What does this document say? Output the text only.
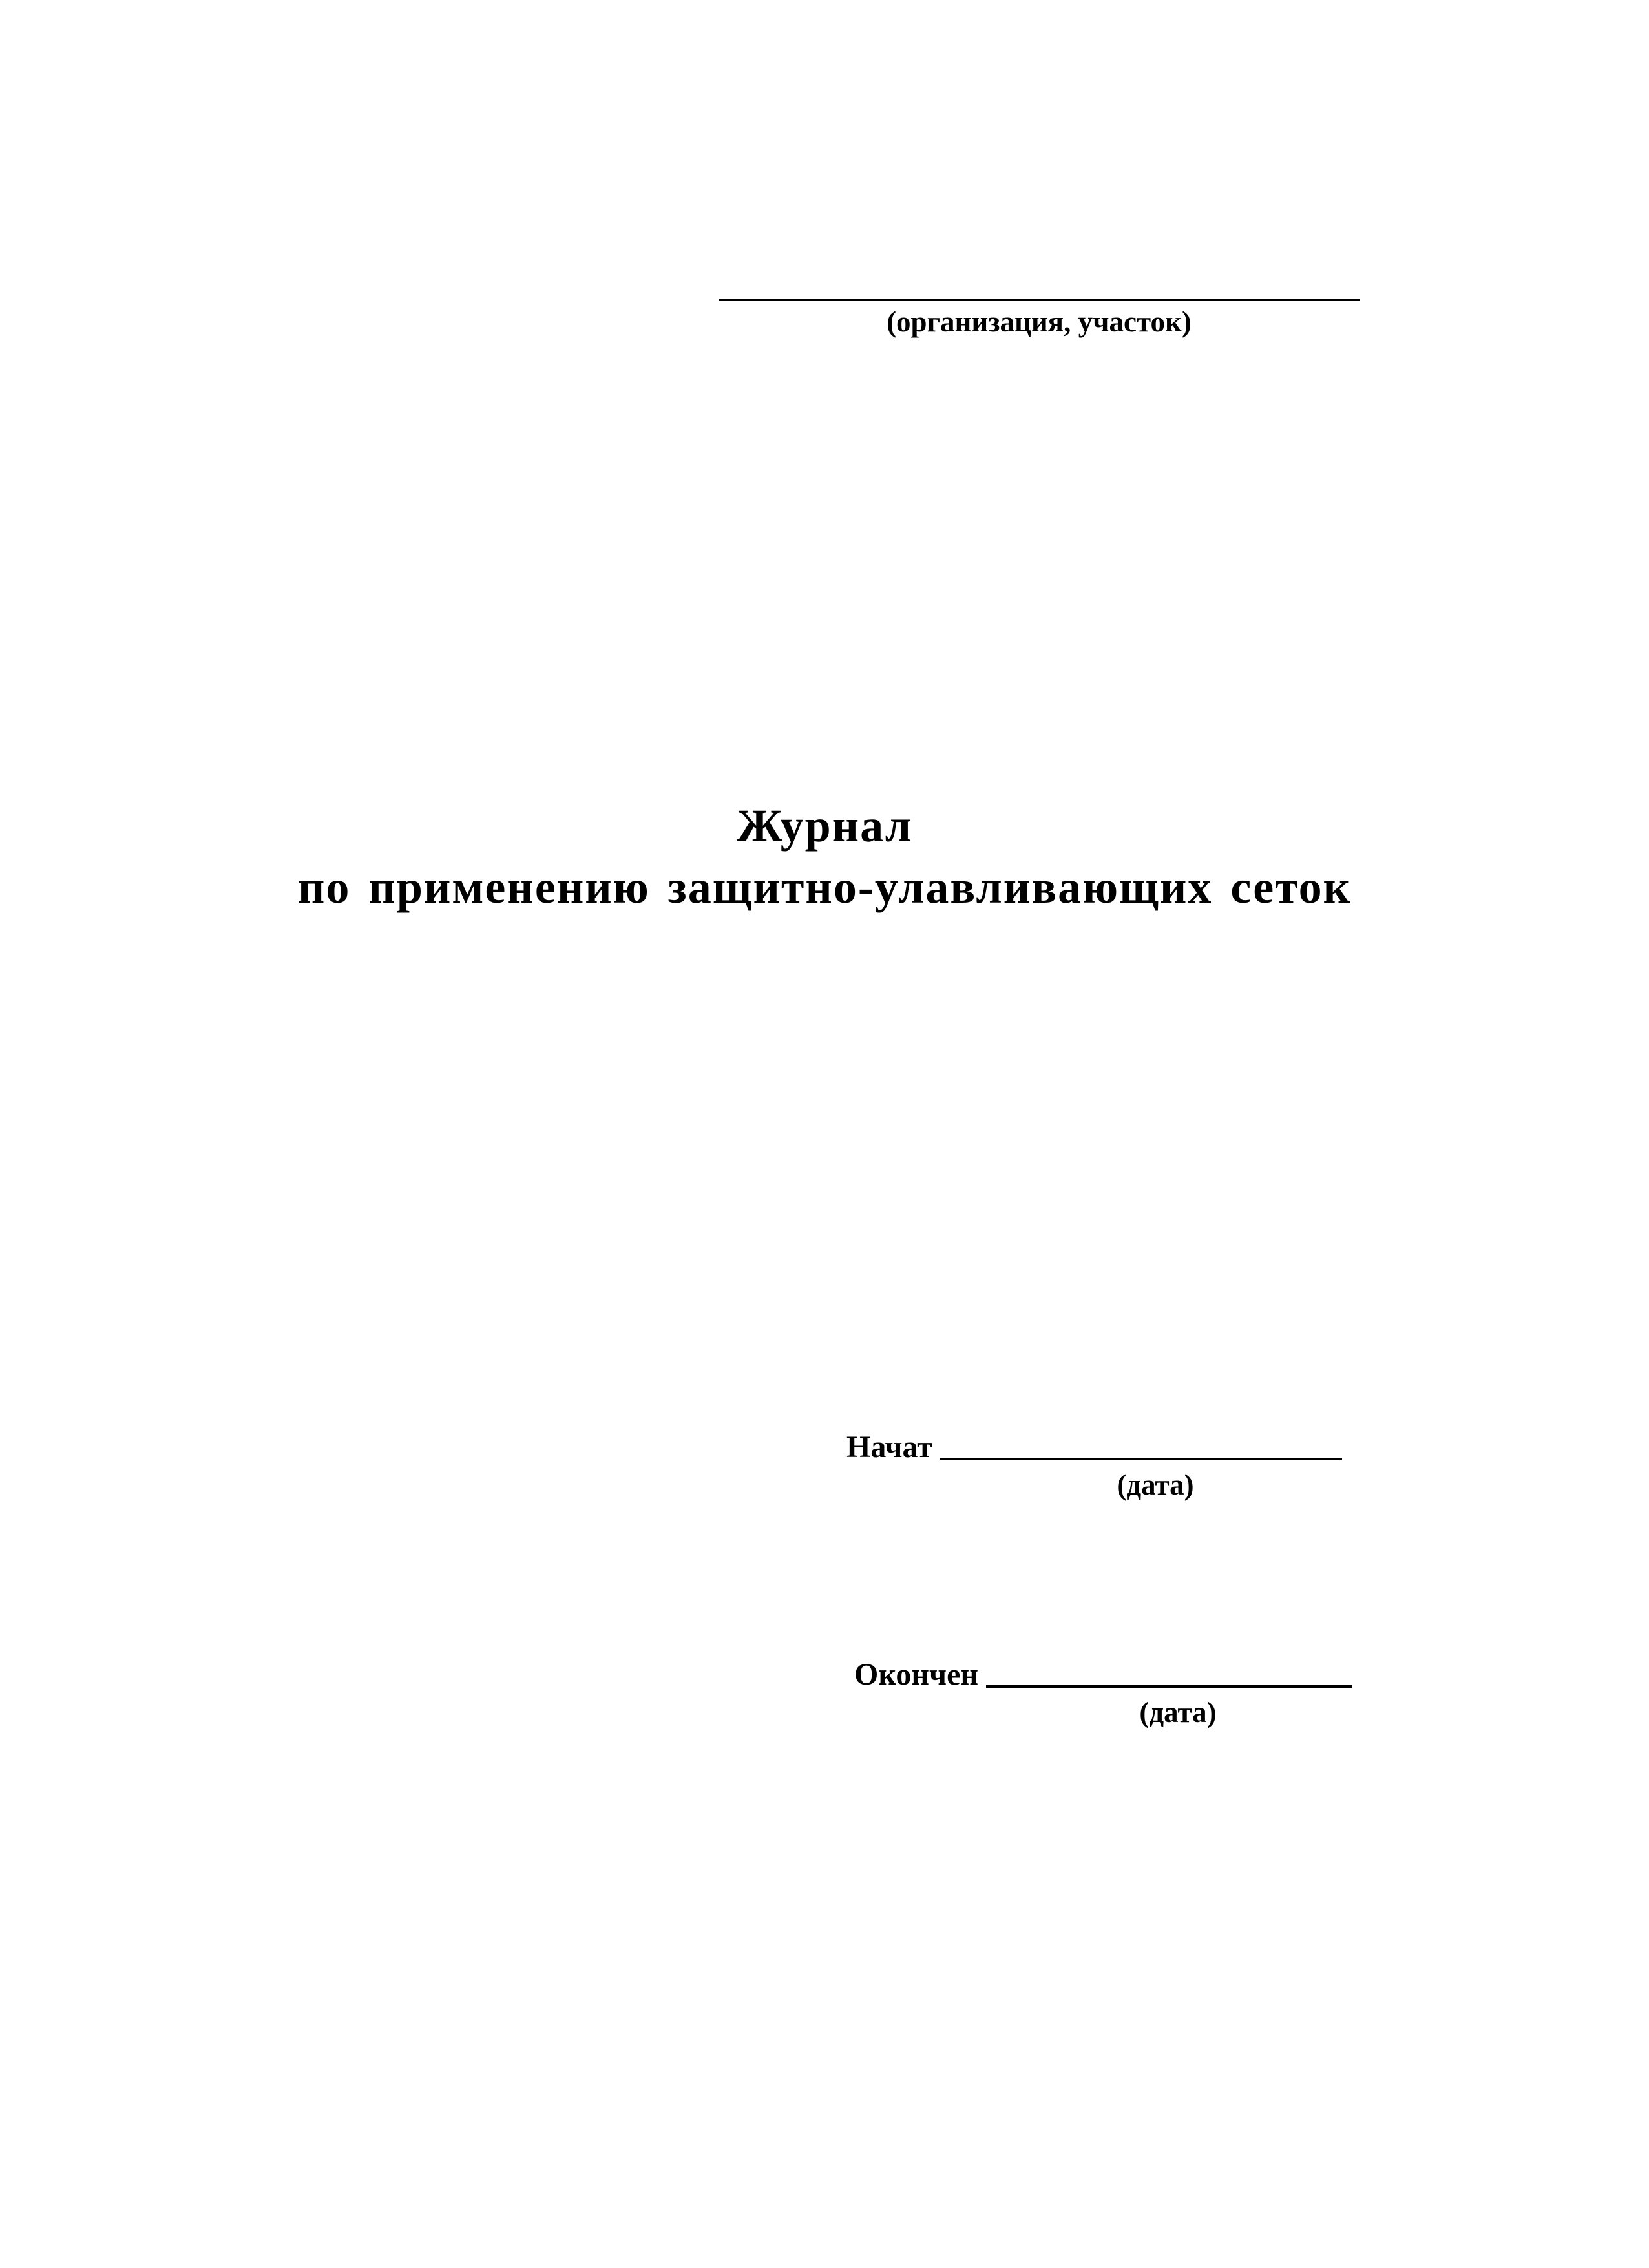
(организация, участок)

Журнал

по применению защитно-улавливающих сеток

Начат
(дата)
Окончен
(дата)
